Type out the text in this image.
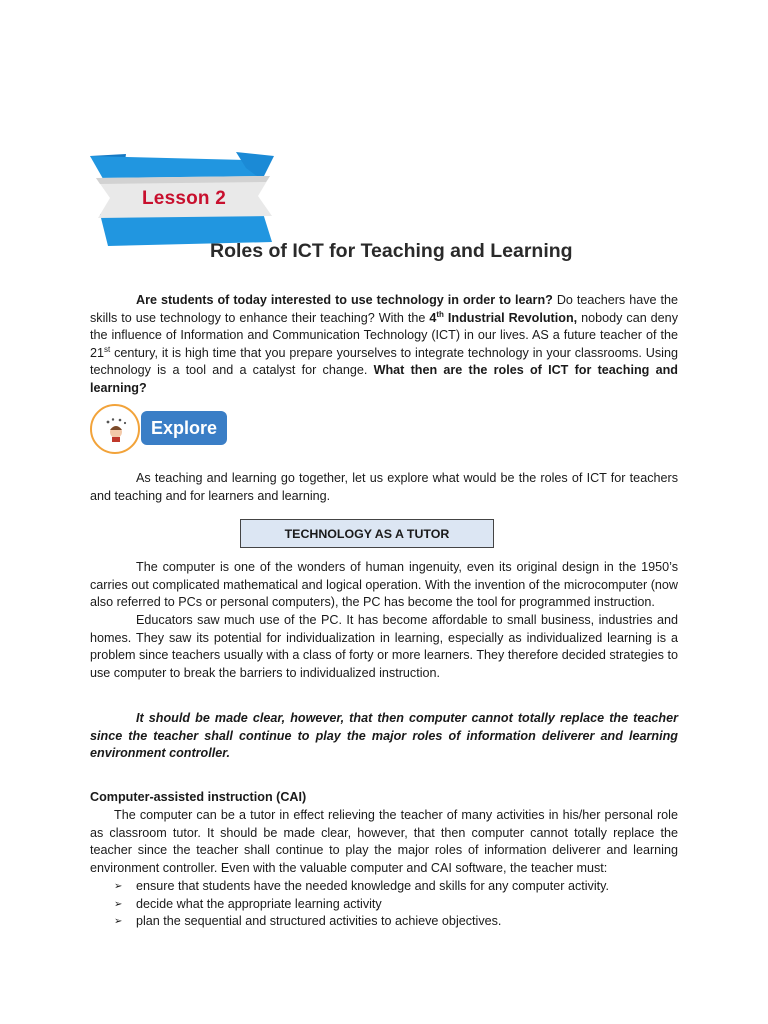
Lesson 2
Roles of ICT for Teaching and Learning

Are students of today interested to use technology in order to learn? Do teachers have the skills to use technology to enhance their teaching? With the 4th Industrial Revolution, nobody can deny the influence of Information and Communication Technology (ICT) in our lives. AS a future teacher of the 21st century, it is high time that you prepare yourselves to integrate technology in your classrooms. Using technology is a tool and a catalyst for change. What then are the roles of ICT for teaching and learning?

Explore

As teaching and learning go together, let us explore what would be the roles of ICT for teachers and teaching and for learners and learning.

TECHNOLOGY AS A TUTOR

The computer is one of the wonders of human ingenuity, even its original design in the 1950’s carries out complicated mathematical and logical operation. With the invention of the microcomputer (now also referred to PCs or personal computers), the PC has become the tool for programmed instruction.

Educators saw much use of the PC. It has become affordable to small business, industries and homes. They saw its potential for individualization in learning, especially as individualized learning is a problem since teachers usually with a class of forty or more learners. They therefore decided strategies to use computer to break the barriers to individualized instruction.

It should be made clear, however, that then computer cannot totally replace the teacher since the teacher shall continue to play the major roles of information deliverer and learning environment controller.

Computer-assisted instruction (CAI)

The computer can be a tutor in effect relieving the teacher of many activities in his/her personal role as classroom tutor. It should be made clear, however, that then computer cannot totally replace the teacher since the teacher shall continue to play the major roles of information deliverer and learning environment controller. Even with the valuable computer and CAI software, the teacher must:

➢ ensure that students have the needed knowledge and skills for any computer activity.
➢ decide what the appropriate learning activity
➢ plan the sequential and structured activities to achieve objectives.
